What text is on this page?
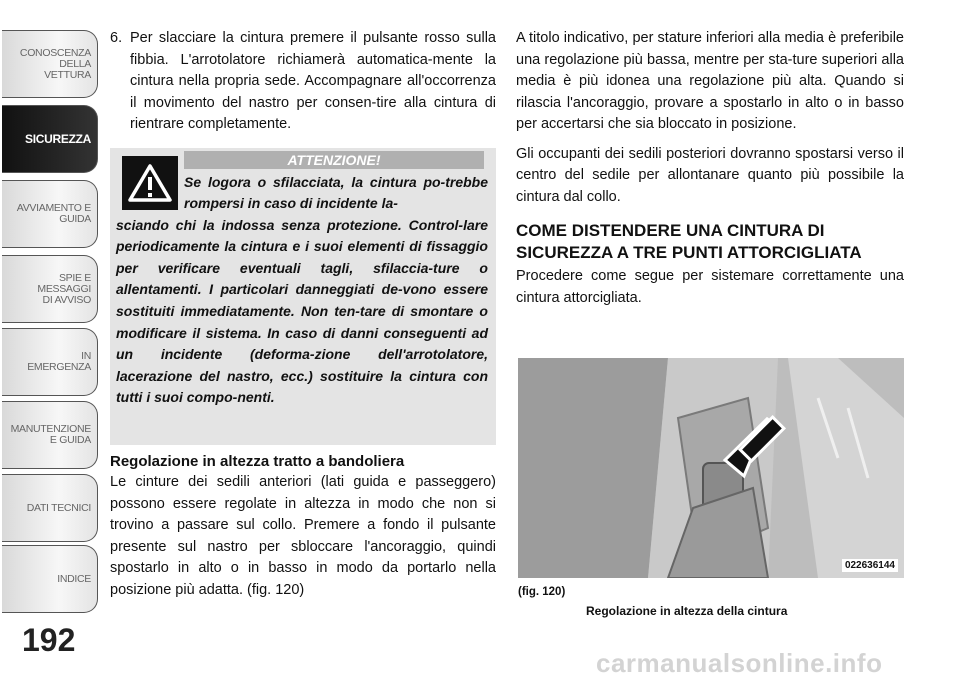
CONOSCENZA DELLA
VETTURA
SICUREZZA
AVVIAMENTO E
GUIDA
SPIE E
MESSAGGI
DI AVVISO
IN
EMERGENZA
MANUTENZIONE
E GUIDA
DATI TECNICI
INDICE
192
6. Per slacciare la cintura premere il pulsante rosso sulla fibbia. L'arrotolatore richiamerà automatica-mente la cintura nella propria sede. Accompagnare all'occorrenza il movimento del nastro per consen-tire alla cintura di rientrare completamente.
ATTENZIONE!
Se logora o sfilacciata, la cintura po-trebbe rompersi in caso di incidente la-
sciando chi la indossa senza protezione. Control-lare periodicamente la cintura e i suoi elementi di fissaggio per verificare eventuali tagli, sfilaccia-ture o allentamenti. I particolari danneggiati de-vono essere sostituiti immediatamente. Non ten-tare di smontare o modificare il sistema. In caso di danni conseguenti ad un incidente (deforma-zione dell'arrotolatore, lacerazione del nastro, ecc.) sostituire la cintura con tutti i suoi compo-nenti.
Regolazione in altezza tratto a bandoliera

Le cinture dei sedili anteriori (lati guida e passeggero) possono essere regolate in altezza in modo che non si trovino a passare sul collo. Premere a fondo il pulsante presente sul nastro per sbloccare l'ancoraggio, quindi spostarlo in alto o in basso in modo da portarlo nella posizione più adatta. (fig. 120)

A titolo indicativo, per stature inferiori alla media è preferibile una regolazione più bassa, mentre per sta-ture superiori alla media è più idonea una regolazione più alta. Quando si rilascia l'ancoraggio, provare a spostarlo in alto o in basso per accertarsi che sia bloccato in posizione.

Gli occupanti dei sedili posteriori dovranno spostarsi verso il centro del sedile per allontanare quanto più possibile la cintura dal collo.

COME DISTENDERE UNA CINTURA DI SICUREZZA A TRE PUNTI ATTORCIGLIATA

Procedere come segue per sistemare correttamente una cintura attorcigliata.

022636144
(fig. 120)
Regolazione in altezza della cintura
carmanualsonline.info
